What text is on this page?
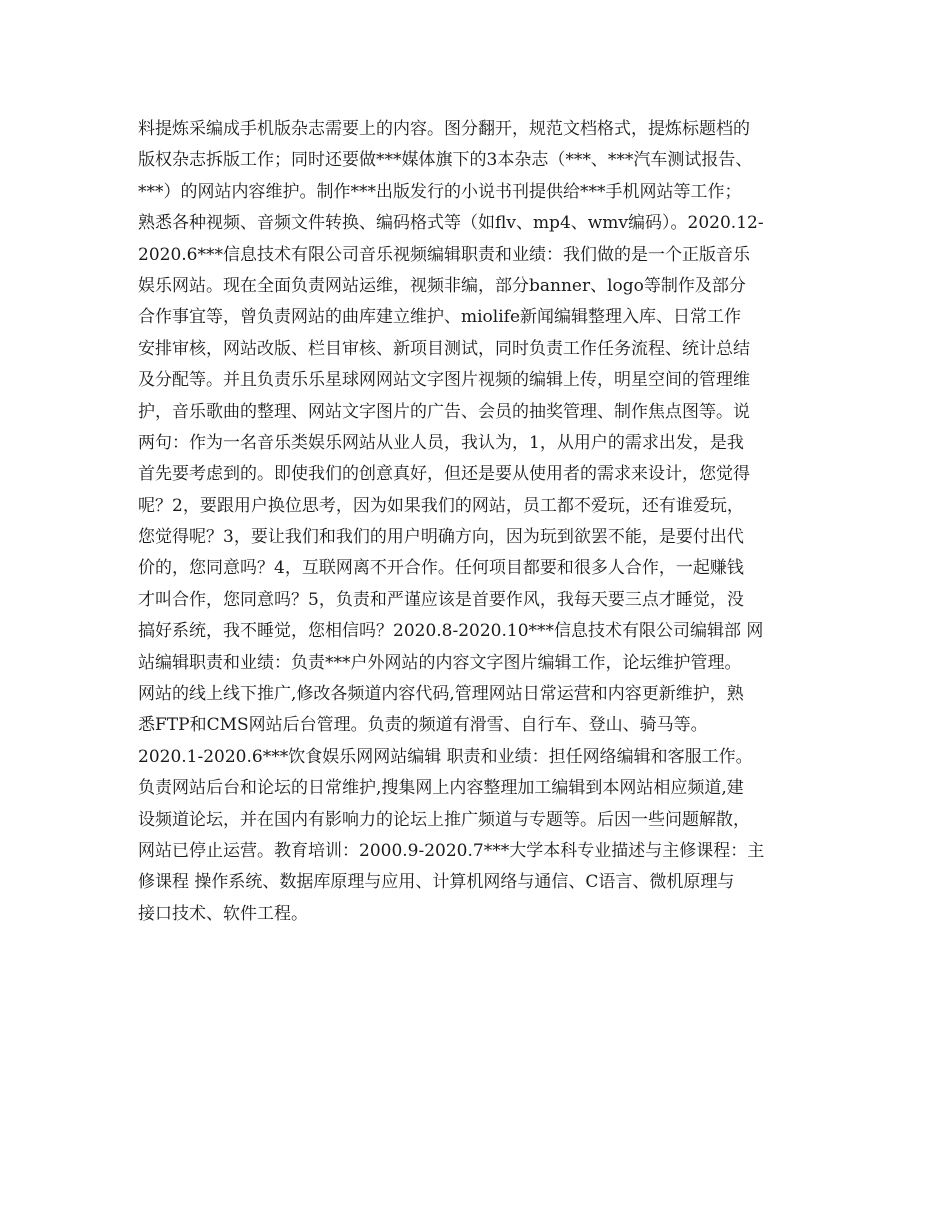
料提炼采编成手机版杂志需要上的内容。图分翻开，规范文档格式，提炼标题档的
版权杂志拆版工作；同时还要做***媒体旗下的3本杂志（***、***汽车测试报告、
***）的网站内容维护。制作***出版发行的小说书刊提供给***手机网站等工作；
熟悉各种视频、音频文件转换、编码格式等（如flv、mp4、wmv编码）。2020.12-
2020.6***信息技术有限公司音乐视频编辑职责和业绩：我们做的是一个正版音乐
娱乐网站。现在全面负责网站运维，视频非编，部分banner、logo等制作及部分
合作事宜等，曾负责网站的曲库建立维护、miolife新闻编辑整理入库、日常工作
安排审核，网站改版、栏目审核、新项目测试，同时负责工作任务流程、统计总结
及分配等。并且负责乐乐星球网网站文字图片视频的编辑上传，明星空间的管理维
护，音乐歌曲的整理、网站文字图片的广告、会员的抽奖管理、制作焦点图等。说
两句：作为一名音乐类娱乐网站从业人员，我认为，1，从用户的需求出发，是我
首先要考虑到的。即使我们的创意真好，但还是要从使用者的需求来设计，您觉得
呢？2，要跟用户换位思考，因为如果我们的网站，员工都不爱玩，还有谁爱玩，
您觉得呢？3，要让我们和我们的用户明确方向，因为玩到欲罢不能，是要付出代
价的，您同意吗？4，互联网离不开合作。任何项目都要和很多人合作，一起赚钱
才叫合作，您同意吗？5，负责和严谨应该是首要作风，我每天要三点才睡觉，没
搞好系统，我不睡觉，您相信吗？2020.8-2020.10***信息技术有限公司编辑部 网
站编辑职责和业绩：负责***户外网站的内容文字图片编辑工作，论坛维护管理。
网站的线上线下推广,修改各频道内容代码,管理网站日常运营和内容更新维护，熟
悉FTP和CMS网站后台管理。负责的频道有滑雪、自行车、登山、骑马等。
2020.1-2020.6***饮食娱乐网网站编辑 职责和业绩：担任网络编辑和客服工作。
负责网站后台和论坛的日常维护,搜集网上内容整理加工编辑到本网站相应频道,建
设频道论坛，并在国内有影响力的论坛上推广频道与专题等。后因一些问题解散，
网站已停止运营。教育培训：2000.9-2020.7***大学本科专业描述与主修课程：主
修课程 操作系统、数据库原理与应用、计算机网络与通信、C语言、微机原理与
接口技术、软件工程。
